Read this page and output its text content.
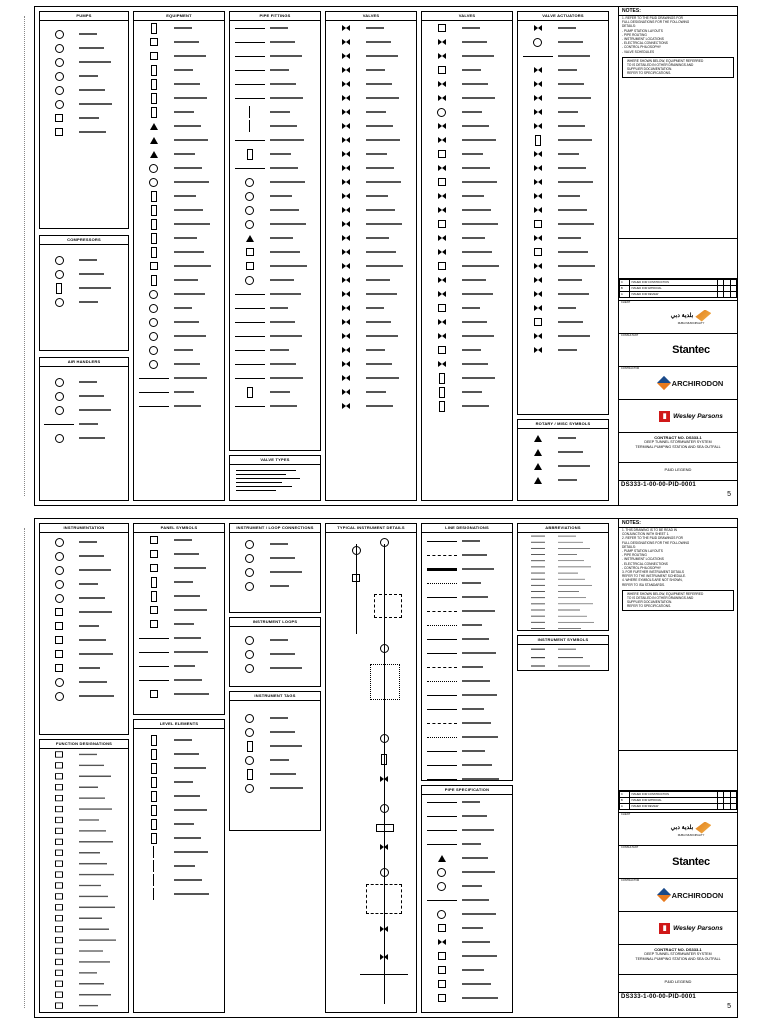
PUMPS
COMPRESSORS
AIR HANDLERS
EQUIPMENT	PIPE FITTINGS
VALVE TYPES
VALVES	VALVES	VALVE ACTUATORS
ROTARY / MISC SYMBOLS
NOTES:
1. REFER TO THE P&ID DRAWINGS FOR
FULL DESIGNATIONS FOR THE FOLLOWING
DETAILS:
- PUMP STATION LAYOUTS
- PIPE ROUTING
- INSTRUMENT LOCATIONS
- ELECTRICAL CONNECTIONS
- CONTROL PHILOSOPHY
- VALVE SCHEDULES
WHERE SHOWN BELOW, EQUIPMENT REFERRED
TO IS DETAILED IN OTHER DRAWINGS AND
SUPPLIER DOCUMENTATION.
REFER TO SPECIFICATIONS.
C	ISSUED FOR CONSTRUCTION			
B	ISSUED FOR APPROVAL			
A	ISSUED FOR REVIEW			
CLIENT
بلدية دبي
DUBAI MUNICIPALITY
CONSULTANT
Stantec
CONTRACTOR
ARCHIRODON
▮	Wesley Parsons
CONTRACT NO. DS333-1
DEEP TUNNEL STORMWATER SYSTEM
TERMINAL PUMPING STATION AND SEA OUTFALL
P&ID LEGEND
DS333-1-00-00-PID-0001
5
INSTRUMENTATION
FUNCTION DESIGNATIONS
PANEL SYMBOLS
LEVEL ELEMENTS
INSTRUMENT / LOOP CONNECTIONS
INSTRUMENT LOOPS
INSTRUMENT TAGS
TYPICAL INSTRUMENT DETAILS	LINE DESIGNATIONS
PIPE SPECIFICATION
ABBREVIATIONS
INSTRUMENT SYMBOLS
NOTES:
1. THIS DRAWING IS TO BE READ IN
CONJUNCTION WITH SHEET 1.
2. REFER TO THE P&ID DRAWINGS FOR
FULL DESIGNATIONS FOR THE FOLLOWING
DETAILS:
- PUMP STATION LAYOUTS
- PIPE ROUTING
- INSTRUMENT LOCATIONS
- ELECTRICAL CONNECTIONS
- CONTROL PHILOSOPHY
3. FOR FURTHER INSTRUMENT DETAILS
REFER TO THE INSTRUMENT SCHEDULE.
4. WHERE SYMBOLS ARE NOT SHOWN,
REFER TO ISA STANDARDS.
WHERE SHOWN BELOW, EQUIPMENT REFERRED
TO IS DETAILED IN OTHER DRAWINGS AND
SUPPLIER DOCUMENTATION.
REFER TO SPECIFICATIONS.
C	ISSUED FOR CONSTRUCTION			
B	ISSUED FOR APPROVAL			
A	ISSUED FOR REVIEW			
CLIENT
بلدية دبي
DUBAI MUNICIPALITY
CONSULTANT
Stantec
CONTRACTOR
ARCHIRODON
▮	Wesley Parsons
CONTRACT NO. DS333-1
DEEP TUNNEL STORMWATER SYSTEM
TERMINAL PUMPING STATION AND SEA OUTFALL
P&ID LEGEND
DS333-1-00-00-PID-0001
5
